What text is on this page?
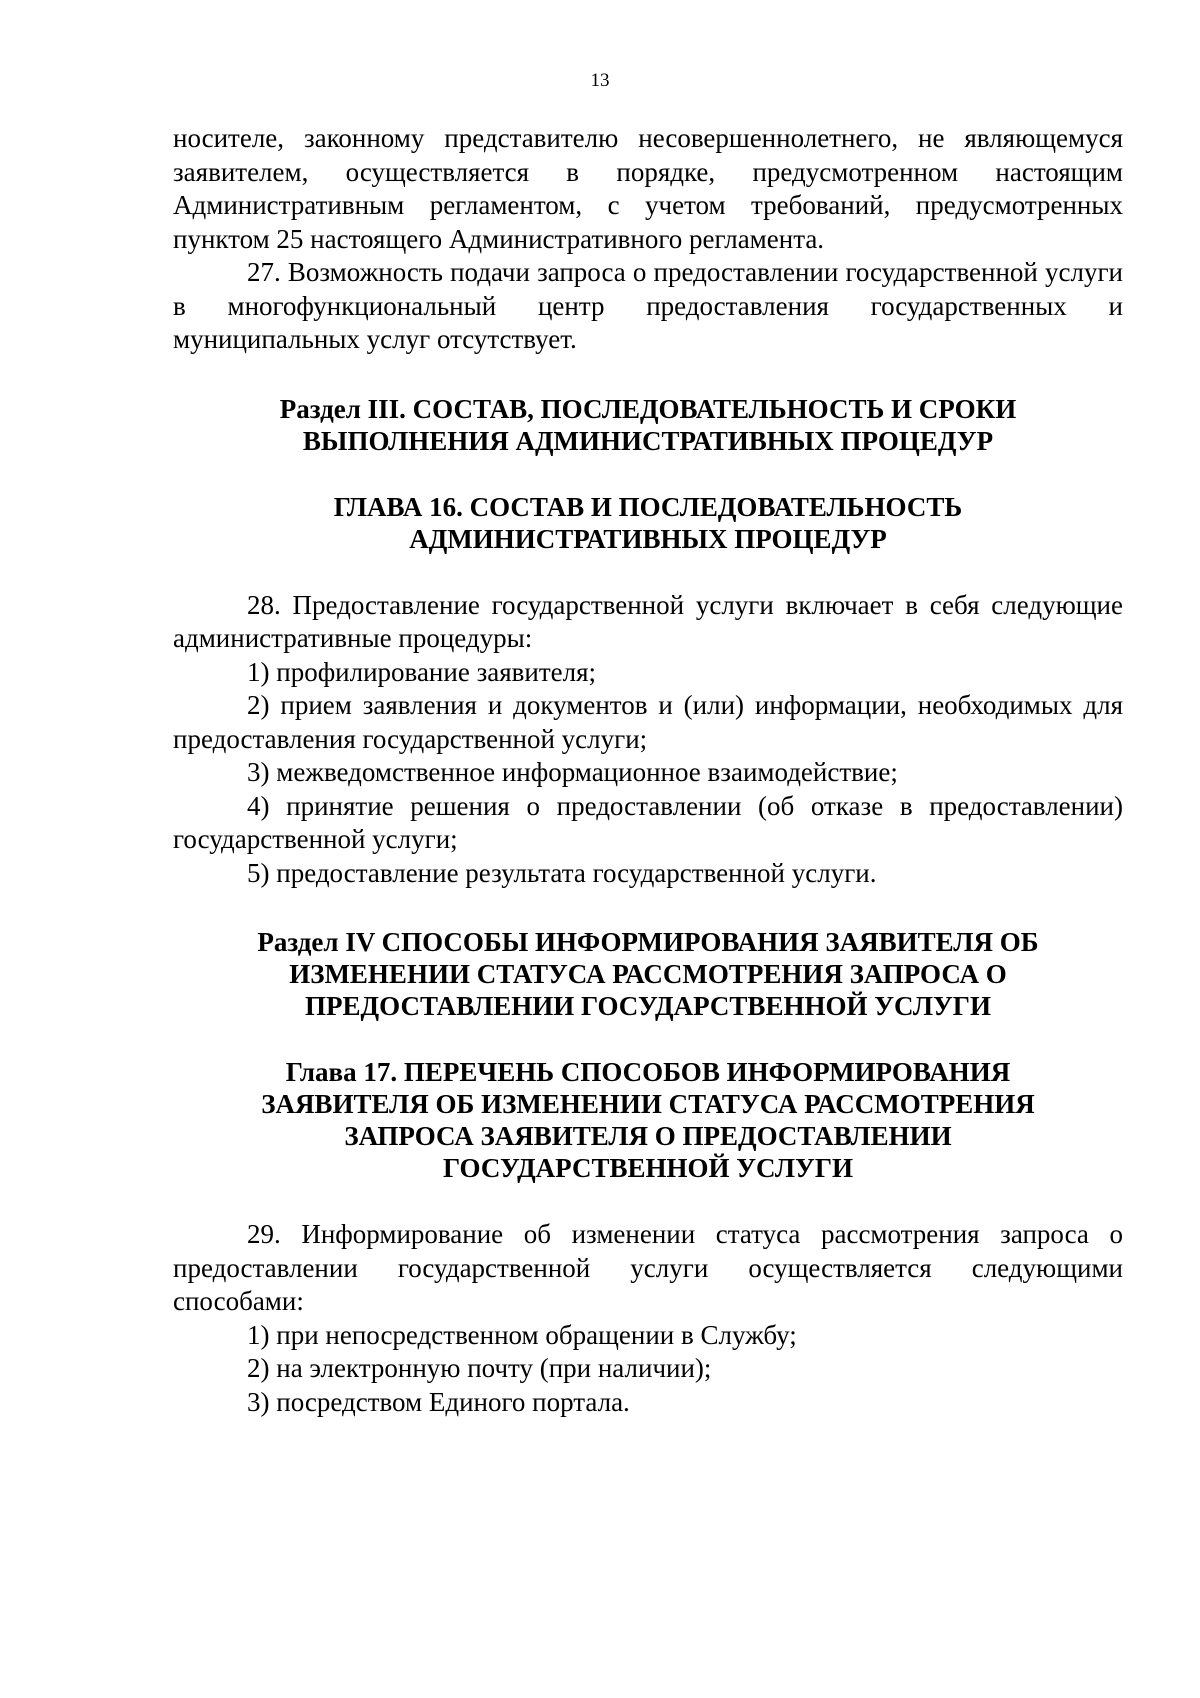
13

носителе, законному представителю несовершеннолетнего, не являющемуся заявителем, осуществляется в порядке, предусмотренном настоящим Административным регламентом, с учетом требований, предусмотренных пунктом 25 настоящего Административного регламента.

27. Возможность подачи запроса о предоставлении государственной услуги в многофункциональный центр предоставления государственных и муниципальных услуг отсутствует.

Раздел III. СОСТАВ, ПОСЛЕДОВАТЕЛЬНОСТЬ И СРОКИ
ВЫПОЛНЕНИЯ АДМИНИСТРАТИВНЫХ ПРОЦЕДУР
ГЛАВА 16. СОСТАВ И ПОСЛЕДОВАТЕЛЬНОСТЬ
АДМИНИСТРАТИВНЫХ ПРОЦЕДУР

28. Предоставление государственной услуги включает в себя следующие административные процедуры:

1) профилирование заявителя;

2) прием заявления и документов и (или) информации, необходимых для предоставления государственной услуги;

3) межведомственное информационное взаимодействие;

4) принятие решения о предоставлении (об отказе в предоставлении) государственной услуги;

5) предоставление результата государственной услуги.

Раздел IV СПОСОБЫ ИНФОРМИРОВАНИЯ ЗАЯВИТЕЛЯ ОБ
ИЗМЕНЕНИИ СТАТУСА РАССМОТРЕНИЯ ЗАПРОСА О
ПРЕДОСТАВЛЕНИИ ГОСУДАРСТВЕННОЙ УСЛУГИ
Глава 17. ПЕРЕЧЕНЬ СПОСОБОВ ИНФОРМИРОВАНИЯ
ЗАЯВИТЕЛЯ ОБ ИЗМЕНЕНИИ СТАТУСА РАССМОТРЕНИЯ
ЗАПРОСА ЗАЯВИТЕЛЯ О ПРЕДОСТАВЛЕНИИ
ГОСУДАРСТВЕННОЙ УСЛУГИ

29. Информирование об изменении статуса рассмотрения запроса о предоставлении государственной услуги осуществляется следующими способами:

1) при непосредственном обращении в Службу;

2) на электронную почту (при наличии);

3) посредством Единого портала.
